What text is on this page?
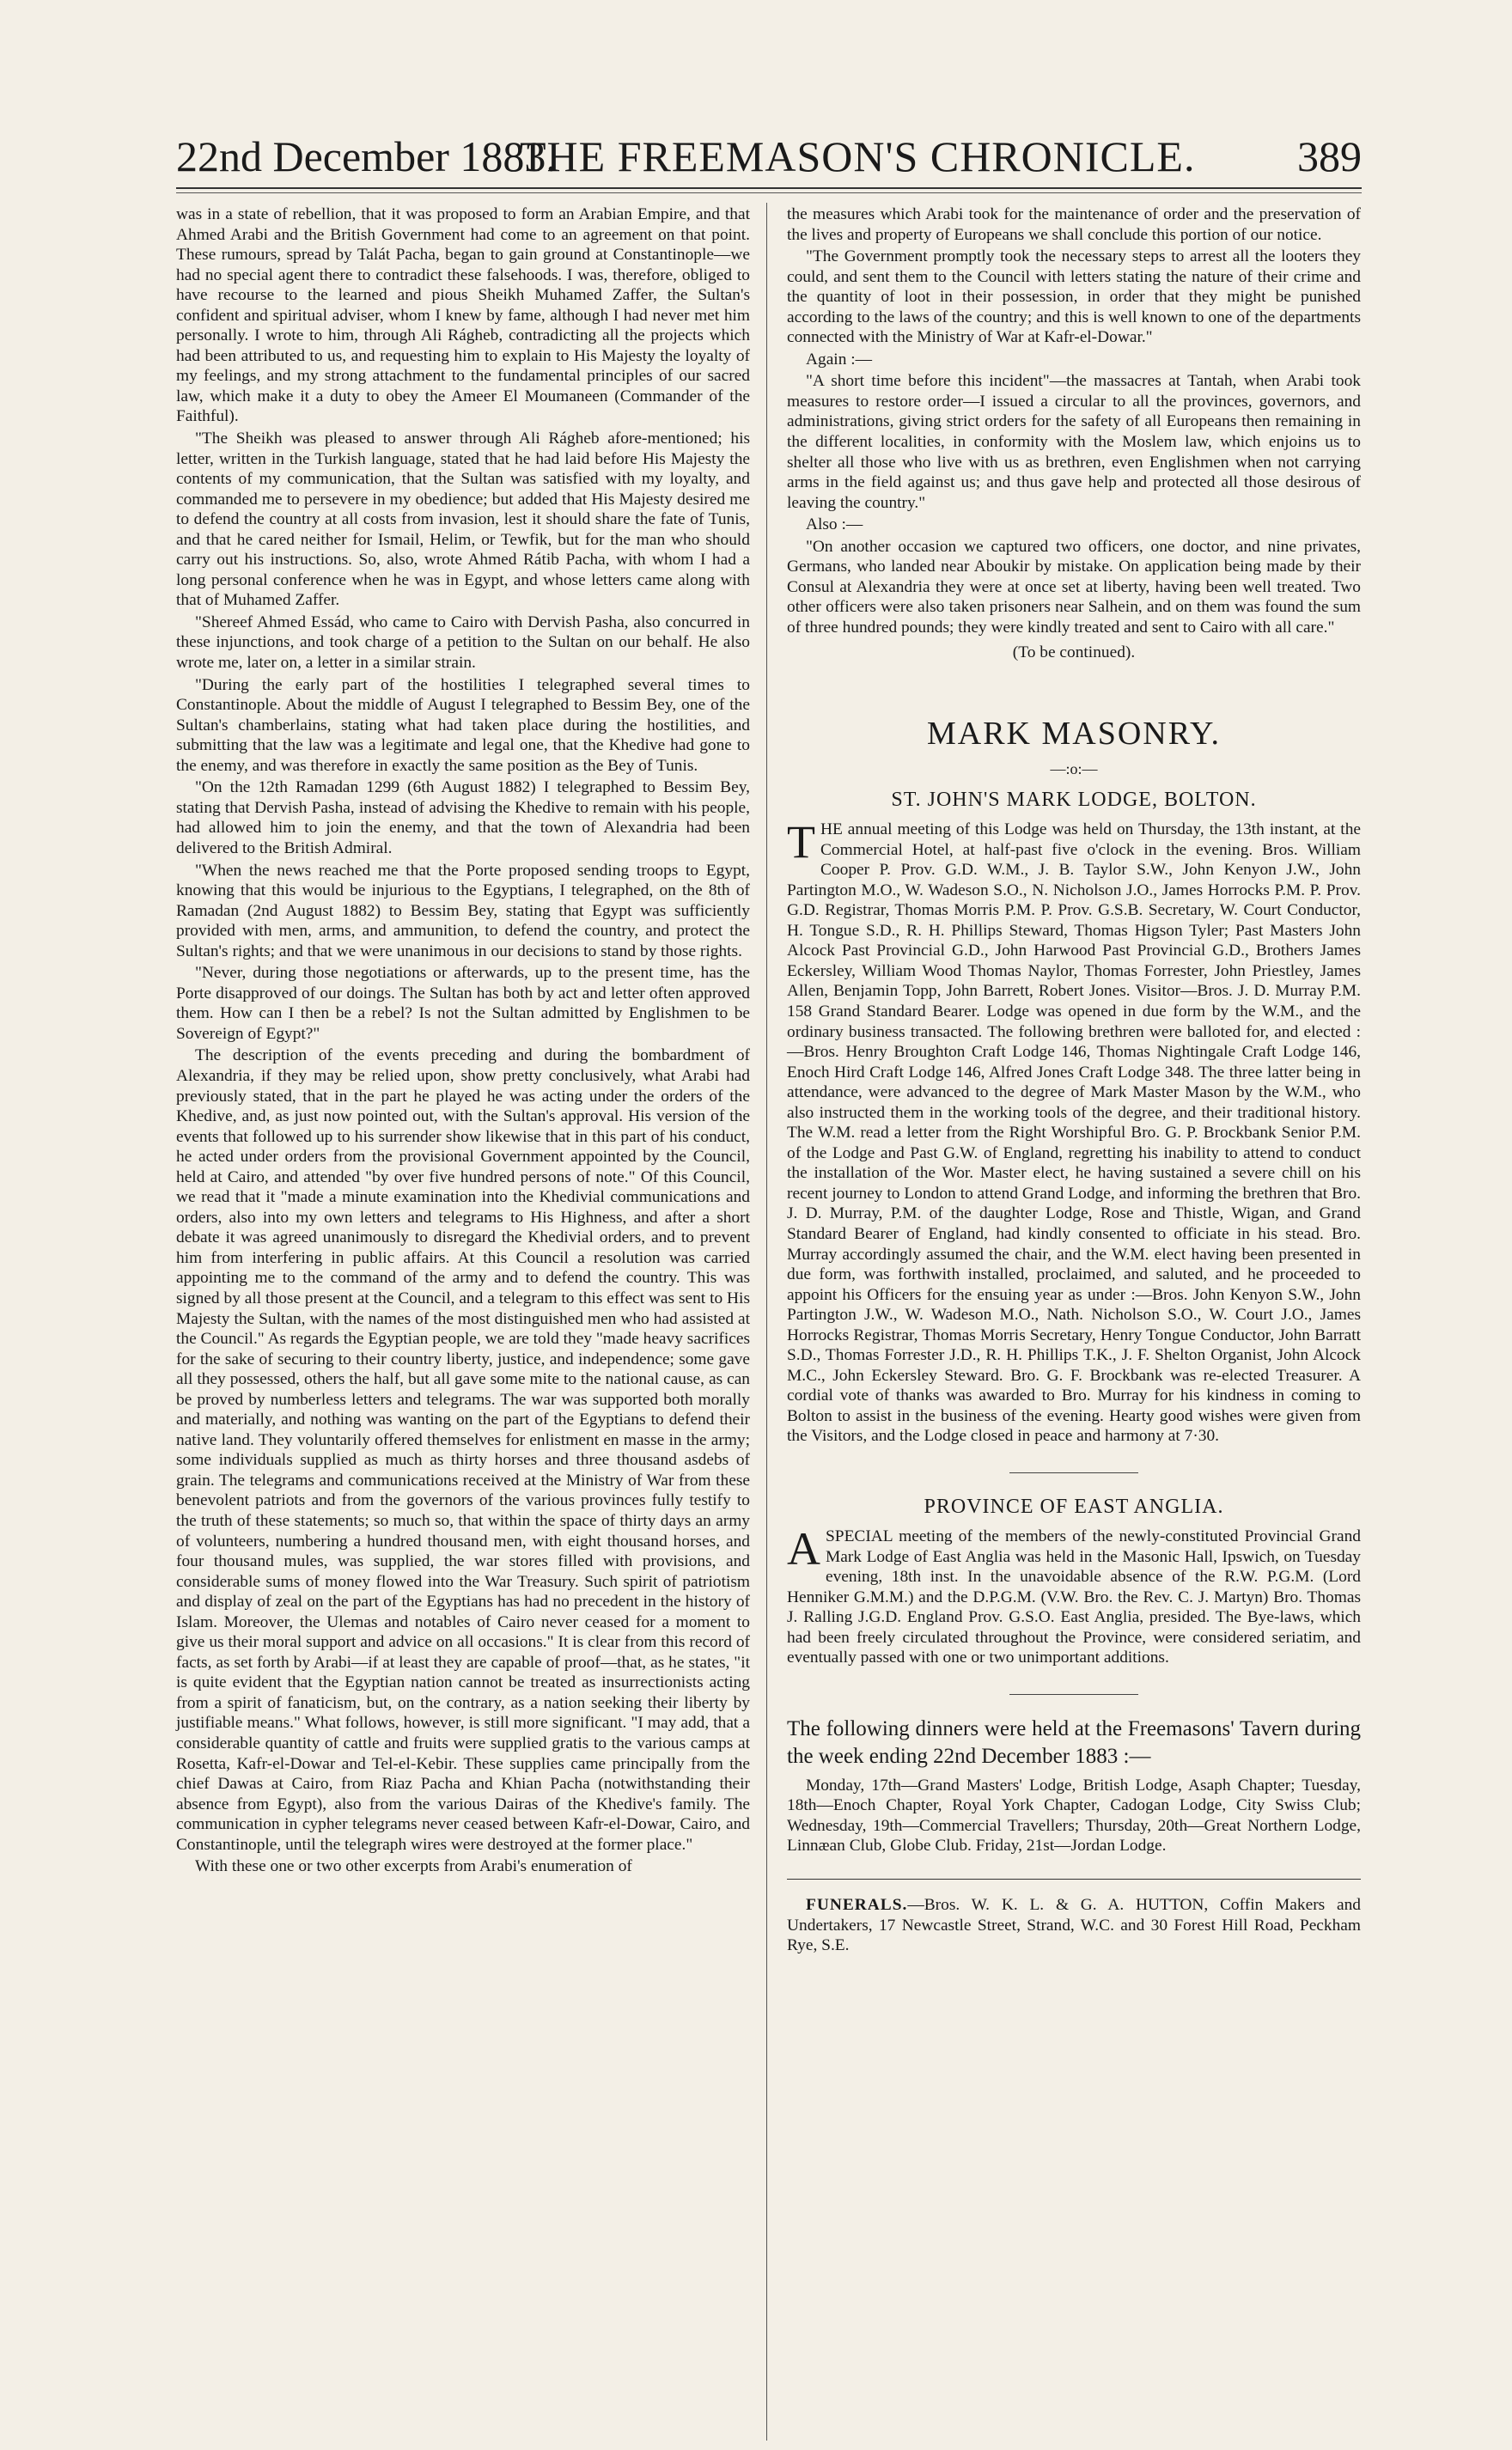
22nd December 1883.
THE FREEMASON'S CHRONICLE. 389

was in a state of rebellion, that it was proposed to form an Arabian Empire, and that Ahmed Arabi and the British Government had come to an agreement on that point. These rumours, spread by Talát Pacha, began to gain ground at Constantinople—we had no special agent there to contradict these falsehoods. I was, therefore, obliged to have recourse to the learned and pious Sheikh Muhamed Zaffer, the Sultan's confident and spiritual adviser, whom I knew by fame, although I had never met him personally. I wrote to him, through Ali Rágheb, contradicting all the projects which had been attributed to us, and requesting him to explain to His Majesty the loyalty of my feelings, and my strong attachment to the fundamental principles of our sacred law, which make it a duty to obey the Ameer El Moumaneen (Commander of the Faithful).

"The Sheikh was pleased to answer through Ali Rágheb afore-mentioned; his letter, written in the Turkish language, stated that he had laid before His Majesty the contents of my communication, that the Sultan was satisfied with my loyalty, and commanded me to persevere in my obedience; but added that His Majesty desired me to defend the country at all costs from invasion, lest it should share the fate of Tunis, and that he cared neither for Ismail, Helim, or Tewfik, but for the man who should carry out his instructions. So, also, wrote Ahmed Rátib Pacha, with whom I had a long personal conference when he was in Egypt, and whose letters came along with that of Muhamed Zaffer.

"Shereef Ahmed Essád, who came to Cairo with Dervish Pasha, also concurred in these injunctions, and took charge of a petition to the Sultan on our behalf. He also wrote me, later on, a letter in a similar strain.

"During the early part of the hostilities I telegraphed several times to Constantinople. About the middle of August I telegraphed to Bessim Bey, one of the Sultan's chamberlains, stating what had taken place during the hostilities, and submitting that the law was a legitimate and legal one, that the Khedive had gone to the enemy, and was therefore in exactly the same position as the Bey of Tunis.

"On the 12th Ramadan 1299 (6th August 1882) I telegraphed to Bessim Bey, stating that Dervish Pasha, instead of advising the Khedive to remain with his people, had allowed him to join the enemy, and that the town of Alexandria had been delivered to the British Admiral.

"When the news reached me that the Porte proposed sending troops to Egypt, knowing that this would be injurious to the Egyptians, I telegraphed, on the 8th of Ramadan (2nd August 1882) to Bessim Bey, stating that Egypt was sufficiently provided with men, arms, and ammunition, to defend the country, and protect the Sultan's rights; and that we were unanimous in our decisions to stand by those rights.

"Never, during those negotiations or afterwards, up to the present time, has the Porte disapproved of our doings. The Sultan has both by act and letter often approved them. How can I then be a rebel? Is not the Sultan admitted by Englishmen to be Sovereign of Egypt?"

The description of the events preceding and during the bombardment of Alexandria, if they may be relied upon, show pretty conclusively, what Arabi had previously stated, that in the part he played he was acting under the orders of the Khedive, and, as just now pointed out, with the Sultan's approval. His version of the events that followed up to his surrender show likewise that in this part of his conduct, he acted under orders from the provisional Government appointed by the Council, held at Cairo, and attended "by over five hundred persons of note." Of this Council, we read that it "made a minute examination into the Khedivial communications and orders, also into my own letters and telegrams to His Highness, and after a short debate it was agreed unanimously to disregard the Khedivial orders, and to prevent him from interfering in public affairs. At this Council a resolution was carried appointing me to the command of the army and to defend the country. This was signed by all those present at the Council, and a telegram to this effect was sent to His Majesty the Sultan, with the names of the most distinguished men who had assisted at the Council." As regards the Egyptian people, we are told they "made heavy sacrifices for the sake of securing to their country liberty, justice, and independence; some gave all they possessed, others the half, but all gave some mite to the national cause, as can be proved by numberless letters and telegrams. The war was supported both morally and materially, and nothing was wanting on the part of the Egyptians to defend their native land. They voluntarily offered themselves for enlistment en masse in the army; some individuals supplied as much as thirty horses and three thousand asdebs of grain. The telegrams and communications received at the Ministry of War from these benevolent patriots and from the governors of the various provinces fully testify to the truth of these statements; so much so, that within the space of thirty days an army of volunteers, numbering a hundred thousand men, with eight thousand horses, and four thousand mules, was supplied, the war stores filled with provisions, and considerable sums of money flowed into the War Treasury. Such spirit of patriotism and display of zeal on the part of the Egyptians has had no precedent in the history of Islam. Moreover, the Ulemas and notables of Cairo never ceased for a moment to give us their moral support and advice on all occasions." It is clear from this record of facts, as set forth by Arabi—if at least they are capable of proof—that, as he states, "it is quite evident that the Egyptian nation cannot be treated as insurrectionists acting from a spirit of fanaticism, but, on the contrary, as a nation seeking their liberty by justifiable means." What follows, however, is still more significant. "I may add, that a considerable quantity of cattle and fruits were supplied gratis to the various camps at Rosetta, Kafr-el-Dowar and Tel-el-Kebir. These supplies came principally from the chief Dawas at Cairo, from Riaz Pacha and Khian Pacha (notwithstanding their absence from Egypt), also from the various Dairas of the Khedive's family. The communication in cypher telegrams never ceased between Kafr-el-Dowar, Cairo, and Constantinople, until the telegraph wires were destroyed at the former place."

With these one or two other excerpts from Arabi's enumeration of

the measures which Arabi took for the maintenance of order and the preservation of the lives and property of Europeans we shall conclude this portion of our notice.

"The Government promptly took the necessary steps to arrest all the looters they could, and sent them to the Council with letters stating the nature of their crime and the quantity of loot in their possession, in order that they might be punished according to the laws of the country; and this is well known to one of the departments connected with the Ministry of War at Kafr-el-Dowar."

Again :—

"A short time before this incident"—the massacres at Tantah, when Arabi took measures to restore order—I issued a circular to all the provinces, governors, and administrations, giving strict orders for the safety of all Europeans then remaining in the different localities, in conformity with the Moslem law, which enjoins us to shelter all those who live with us as brethren, even Englishmen when not carrying arms in the field against us; and thus gave help and protected all those desirous of leaving the country."

Also :—

"On another occasion we captured two officers, one doctor, and nine privates, Germans, who landed near Aboukir by mistake. On application being made by their Consul at Alexandria they were at once set at liberty, having been well treated. Two other officers were also taken prisoners near Salhein, and on them was found the sum of three hundred pounds; they were kindly treated and sent to Cairo with all care."

(To be continued).

MARK MASONRY.
—:o:—
ST. JOHN'S MARK LODGE, BOLTON.

THE annual meeting of this Lodge was held on Thursday, the 13th instant, at the Commercial Hotel, at half-past five o'clock in the evening. Bros. William Cooper P. Prov. G.D. W.M., J. B. Taylor S.W., John Kenyon J.W., John Partington M.O., W. Wadeson S.O., N. Nicholson J.O., James Horrocks P.M. P. Prov. G.D. Registrar, Thomas Morris P.M. P. Prov. G.S.B. Secretary, W. Court Conductor, H. Tongue S.D., R. H. Phillips Steward, Thomas Higson Tyler; Past Masters John Alcock Past Provincial G.D., John Harwood Past Provincial G.D., Brothers James Eckersley, William Wood Thomas Naylor, Thomas Forrester, John Priestley, James Allen, Benjamin Topp, John Barrett, Robert Jones. Visitor—Bros. J. D. Murray P.M. 158 Grand Standard Bearer. Lodge was opened in due form by the W.M., and the ordinary business transacted. The following brethren were balloted for, and elected :—Bros. Henry Broughton Craft Lodge 146, Thomas Nightingale Craft Lodge 146, Enoch Hird Craft Lodge 146, Alfred Jones Craft Lodge 348. The three latter being in attendance, were advanced to the degree of Mark Master Mason by the W.M., who also instructed them in the working tools of the degree, and their traditional history. The W.M. read a letter from the Right Worshipful Bro. G. P. Brockbank Senior P.M. of the Lodge and Past G.W. of England, regretting his inability to attend to conduct the installation of the Wor. Master elect, he having sustained a severe chill on his recent journey to London to attend Grand Lodge, and informing the brethren that Bro. J. D. Murray, P.M. of the daughter Lodge, Rose and Thistle, Wigan, and Grand Standard Bearer of England, had kindly consented to officiate in his stead. Bro. Murray accordingly assumed the chair, and the W.M. elect having been presented in due form, was forthwith installed, proclaimed, and saluted, and he proceeded to appoint his Officers for the ensuing year as under :—Bros. John Kenyon S.W., John Partington J.W., W. Wadeson M.O., Nath. Nicholson S.O., W. Court J.O., James Horrocks Registrar, Thomas Morris Secretary, Henry Tongue Conductor, John Barratt S.D., Thomas Forrester J.D., R. H. Phillips T.K., J. F. Shelton Organist, John Alcock M.C., John Eckersley Steward. Bro. G. F. Brockbank was re-elected Treasurer. A cordial vote of thanks was awarded to Bro. Murray for his kindness in coming to Bolton to assist in the business of the evening. Hearty good wishes were given from the Visitors, and the Lodge closed in peace and harmony at 7·30.

PROVINCE OF EAST ANGLIA.

ASPECIAL meeting of the members of the newly-constituted Provincial Grand Mark Lodge of East Anglia was held in the Masonic Hall, Ipswich, on Tuesday evening, 18th inst. In the unavoidable absence of the R.W. P.G.M. (Lord Henniker G.M.M.) and the D.P.G.M. (V.W. Bro. the Rev. C. J. Martyn) Bro. Thomas J. Ralling J.G.D. England Prov. G.S.O. East Anglia, presided. The Bye-laws, which had been freely circulated throughout the Province, were considered seriatim, and eventually passed with one or two unimportant additions.

The following dinners were held at the Freemasons' Tavern during the week ending 22nd December 1883 :—

Monday, 17th—Grand Masters' Lodge, British Lodge, Asaph Chapter; Tuesday, 18th—Enoch Chapter, Royal York Chapter, Cadogan Lodge, City Swiss Club; Wednesday, 19th—Commercial Travellers; Thursday, 20th—Great Northern Lodge, Linnæan Club, Globe Club. Friday, 21st—Jordan Lodge.

FUNERALS.—Bros. W. K. L. & G. A. HUTTON, Coffin Makers and Undertakers, 17 Newcastle Street, Strand, W.C. and 30 Forest Hill Road, Peckham Rye, S.E.
